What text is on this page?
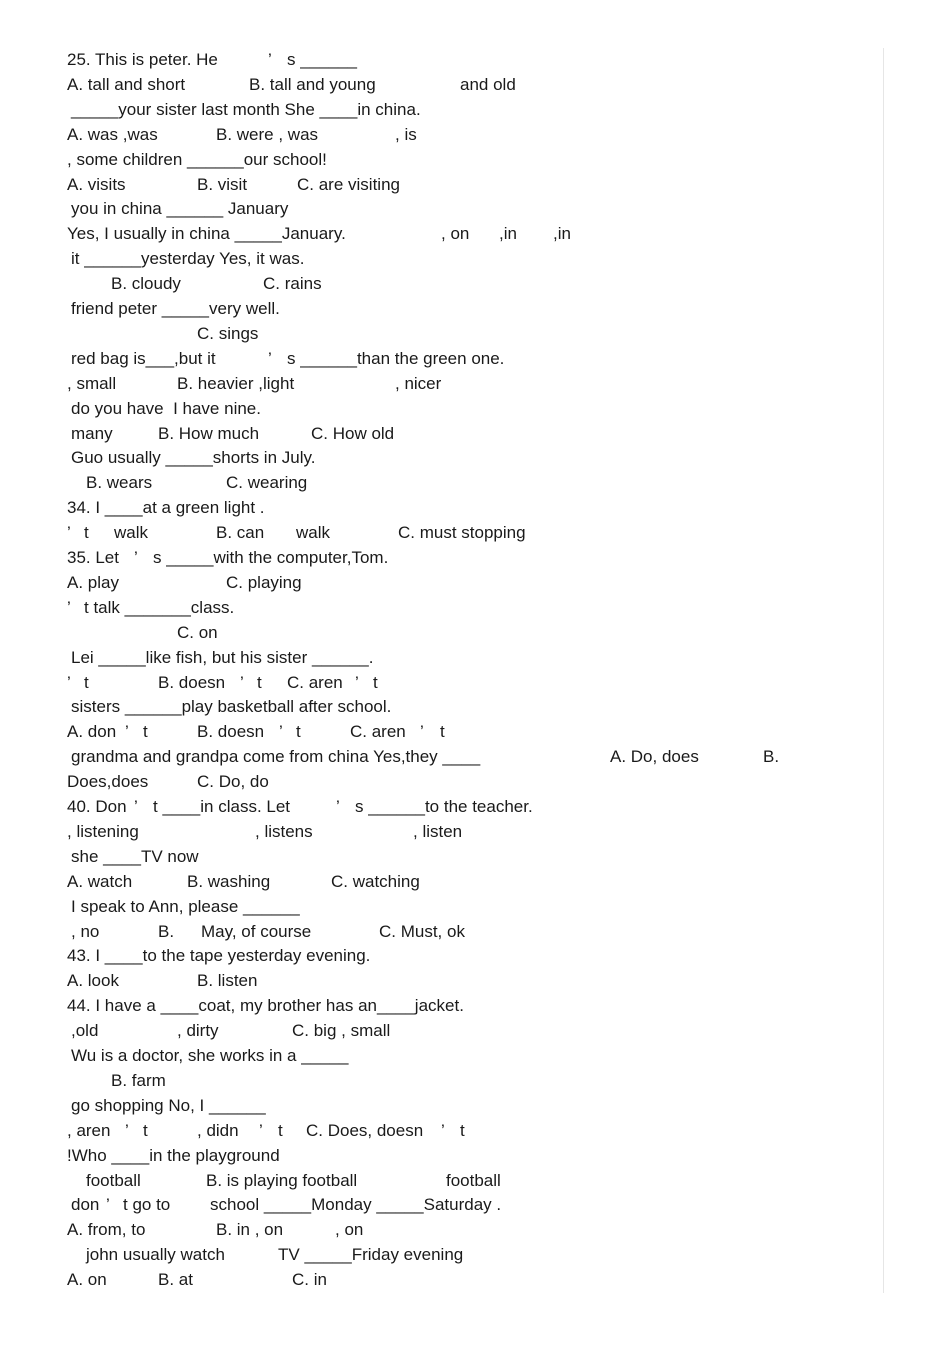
25. This is peter. He	’ s ______
A. tall and short	B. tall and young	and old
_____your sister last month She ____in china.
A. was ,was	B. were , was	, is
, some children ______our school!
A. visits	B. visit	C. are visiting
you in china ______ January
Yes, I usually in china _____January.	, on ,in ,in
it ______yesterday Yes, it was.
B. cloudy	C. rains
friend peter _____very well.
C. sings
red bag is___,but it	’ s ______than the green one.
, small	B. heavier ,light	, nicer
do you have  I have nine.
many	B. How much	C. How old
Guo usually _____shorts in July.
B. wears	C. wearing
34. I ____at a green light .
’ t walk	B. can walk	C. must stopping
35. Let ’ s _____with the computer,Tom.
A. play	C. playing
’ t talk _______class.
C. on
Lei _____like fish, but his sister ______.
’ t	B. doesn ’ t C. aren ’ t
sisters ______play basketball after school.
A. don ’ t	B. doesn ’ t	C. aren ’ t
grandma and grandpa come from china Yes,they ____	A. Do, does	B.
Does,does	C. Do, do
40. Don ’ t ____in class. Let	’ s ______to the teacher.
, listening	, listens	, listen
she ____TV now
A. watch	B. washing	C. watching
I speak to Ann, please ______
, no	B. May, of course	C. Must, ok
43. I ____to the tape yesterday evening.
A. look	B. listen
44. I have a ____coat, my brother has an____jacket.
,old	, dirty	C. big , small
Wu is a doctor, she works in a _____
B. farm
go shopping No, I ______
, aren ’ t	, didn ’ t C. Does, doesn ’ t
!Who ____in the playground
football	B. is playing football	football
don ’ t go to school _____Monday _____Saturday .
A. from, to	B. in , on	, on
john usually watch	TV _____Friday evening
A. on	B. at	C. in
